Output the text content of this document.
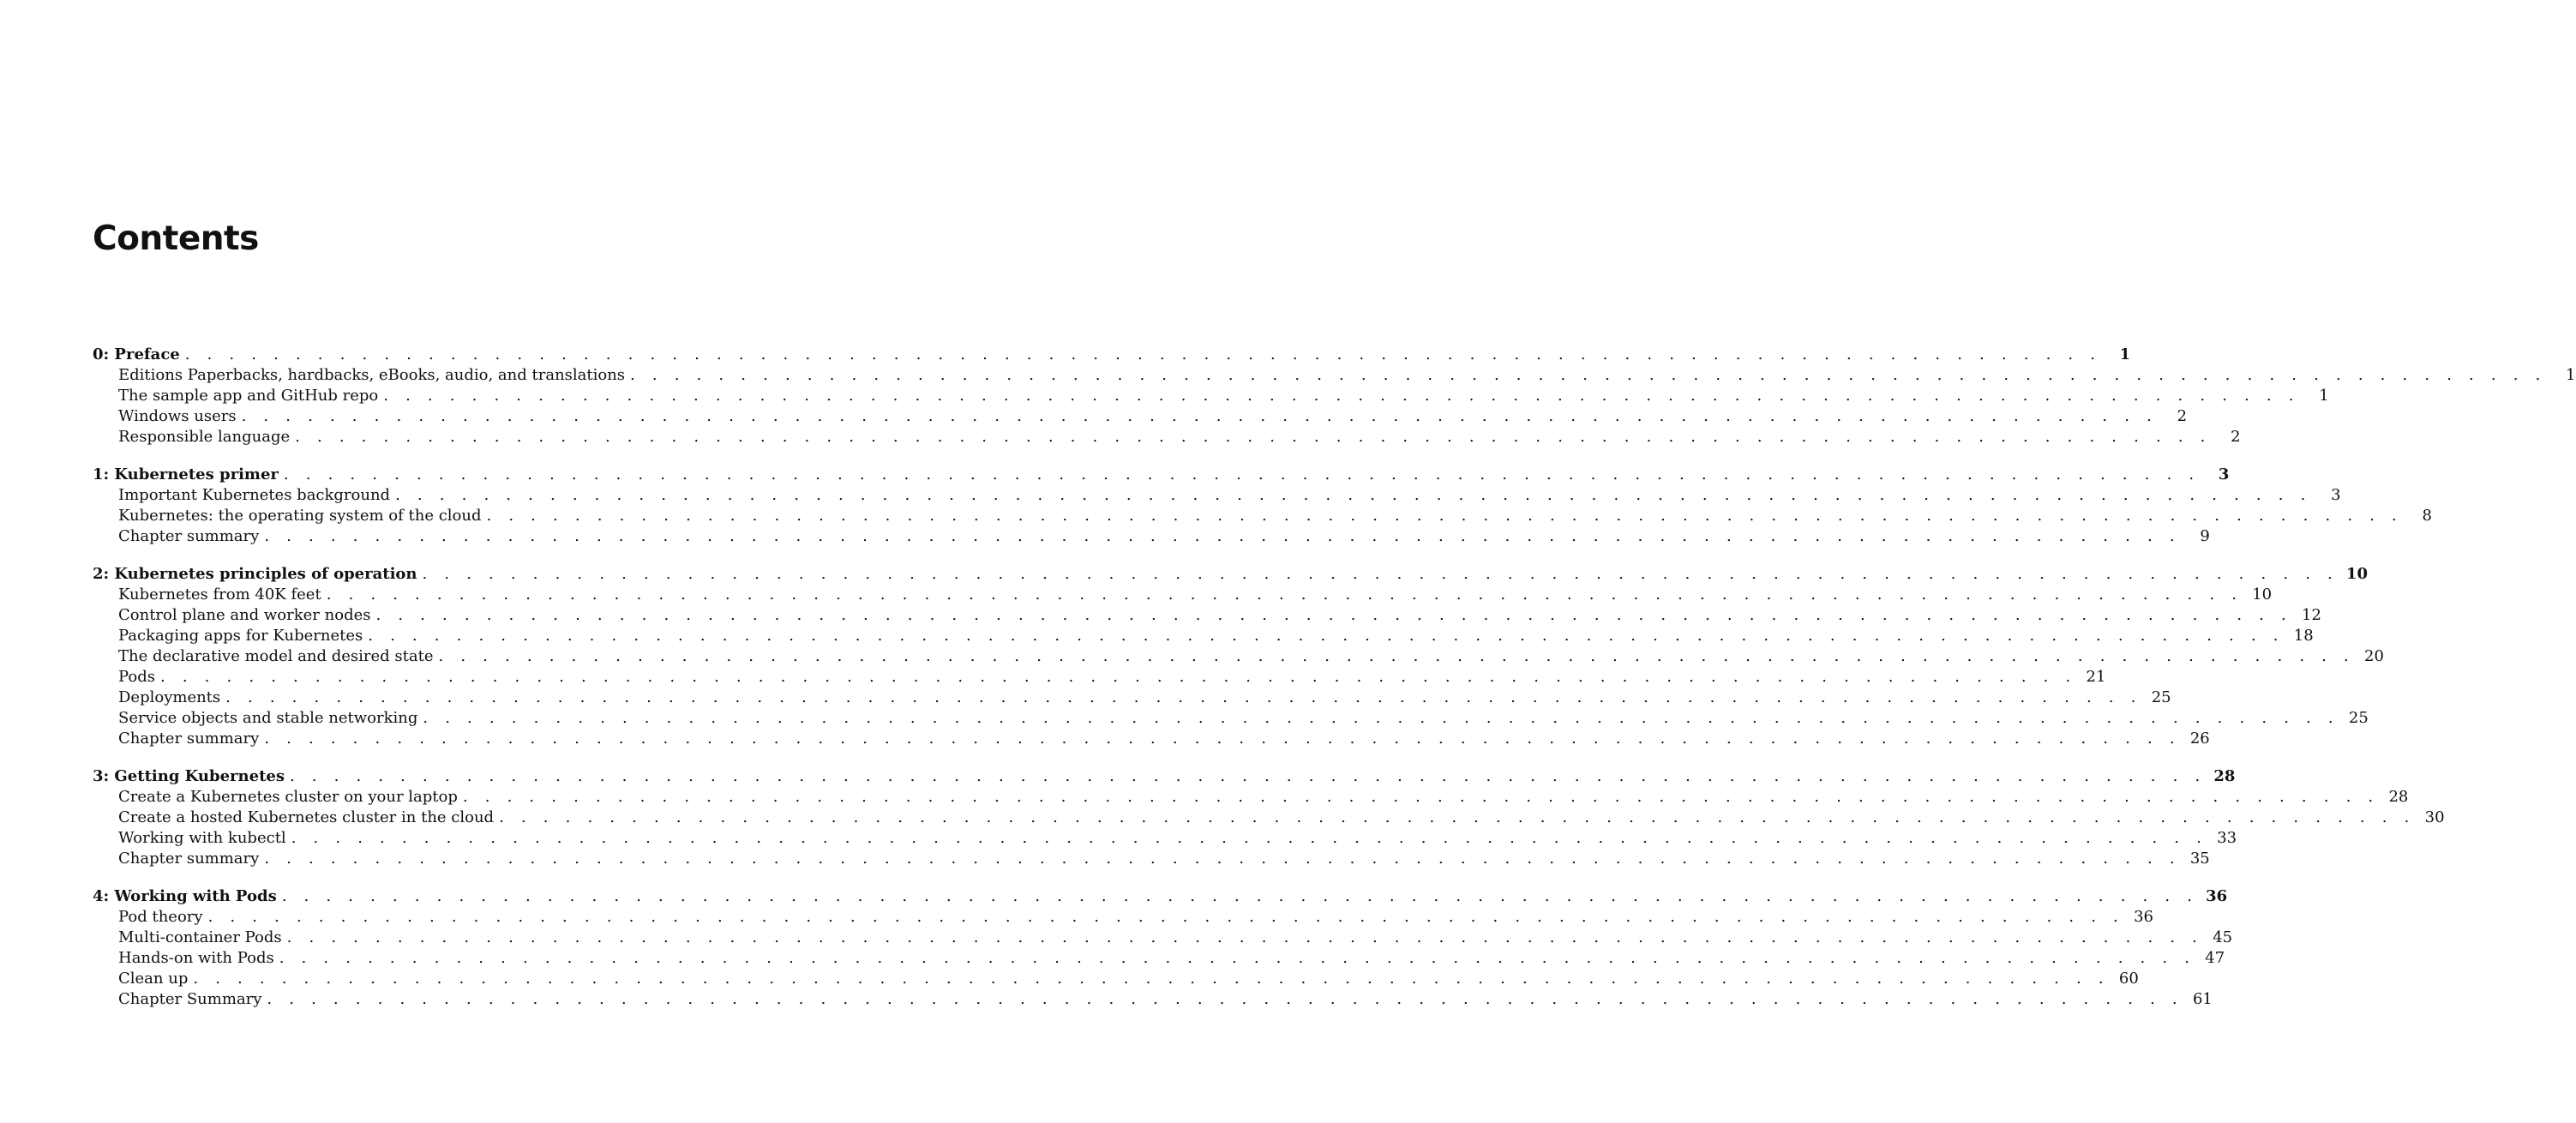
Contents
0: Preface . . . . . . . . . . . . . . . . . . . . . . . . . . . . . . . . . . . . . . . . . . . . . . . . . . . . . . . . . . . . . . . . . . . . . . . . . . . . . . . . . . . . . . .	1
Editions Paperbacks, hardbacks, eBooks, audio, and translations . . . . . . . . . . . . . . . . . . . . . . . . . . . . . . . . . . . . . . . . . . . . . . . . . . . . . . . . . . . . . . . . . . . . . . . . . . . . . . . . . . . . . . .	1
The sample app and GitHub repo . . . . . . . . . . . . . . . . . . . . . . . . . . . . . . . . . . . . . . . . . . . . . . . . . . . . . . . . . . . . . . . . . . . . . . . . . . . . . . . . . . . . . . .	1
Windows users . . . . . . . . . . . . . . . . . . . . . . . . . . . . . . . . . . . . . . . . . . . . . . . . . . . . . . . . . . . . . . . . . . . . . . . . . . . . . . . . . . . . . . .	2
Responsible language . . . . . . . . . . . . . . . . . . . . . . . . . . . . . . . . . . . . . . . . . . . . . . . . . . . . . . . . . . . . . . . . . . . . . . . . . . . . . . . . . . . . . . .	2
1: Kubernetes primer . . . . . . . . . . . . . . . . . . . . . . . . . . . . . . . . . . . . . . . . . . . . . . . . . . . . . . . . . . . . . . . . . . . . . . . . . . . . . . . . . . . . . . .	3
Important Kubernetes background . . . . . . . . . . . . . . . . . . . . . . . . . . . . . . . . . . . . . . . . . . . . . . . . . . . . . . . . . . . . . . . . . . . . . . . . . . . . . . . . . . . . . . .	3
Kubernetes: the operating system of the cloud . . . . . . . . . . . . . . . . . . . . . . . . . . . . . . . . . . . . . . . . . . . . . . . . . . . . . . . . . . . . . . . . . . . . . . . . . . . . . . . . . . . . . . .	8
Chapter summary . . . . . . . . . . . . . . . . . . . . . . . . . . . . . . . . . . . . . . . . . . . . . . . . . . . . . . . . . . . . . . . . . . . . . . . . . . . . . . . . . . . . . . .	9
2: Kubernetes principles of operation . . . . . . . . . . . . . . . . . . . . . . . . . . . . . . . . . . . . . . . . . . . . . . . . . . . . . . . . . . . . . . . . . . . . . . . . . . . . . . . . . . . . . . . 10
Kubernetes from 40K feet . . . . . . . . . . . . . . . . . . . . . . . . . . . . . . . . . . . . . . . . . . . . . . . . . . . . . . . . . . . . . . . . . . . . . . . . . . . . . . . . . . . . . . . 10
Control plane and worker nodes . . . . . . . . . . . . . . . . . . . . . . . . . . . . . . . . . . . . . . . . . . . . . . . . . . . . . . . . . . . . . . . . . . . . . . . . . . . . . . . . . . . . . . . 12
Packaging apps for Kubernetes . . . . . . . . . . . . . . . . . . . . . . . . . . . . . . . . . . . . . . . . . . . . . . . . . . . . . . . . . . . . . . . . . . . . . . . . . . . . . . . . . . . . . . . 18
The declarative model and desired state . . . . . . . . . . . . . . . . . . . . . . . . . . . . . . . . . . . . . . . . . . . . . . . . . . . . . . . . . . . . . . . . . . . . . . . . . . . . . . . . . . . . . . . 20
Pods . . . . . . . . . . . . . . . . . . . . . . . . . . . . . . . . . . . . . . . . . . . . . . . . . . . . . . . . . . . . . . . . . . . . . . . . . . . . . . . . . . . . . . . 21
Deployments . . . . . . . . . . . . . . . . . . . . . . . . . . . . . . . . . . . . . . . . . . . . . . . . . . . . . . . . . . . . . . . . . . . . . . . . . . . . . . . . . . . . . . . 25
Service objects and stable networking . . . . . . . . . . . . . . . . . . . . . . . . . . . . . . . . . . . . . . . . . . . . . . . . . . . . . . . . . . . . . . . . . . . . . . . . . . . . . . . . . . . . . . . 25
Chapter summary . . . . . . . . . . . . . . . . . . . . . . . . . . . . . . . . . . . . . . . . . . . . . . . . . . . . . . . . . . . . . . . . . . . . . . . . . . . . . . . . . . . . . . . 26
3: Getting Kubernetes . . . . . . . . . . . . . . . . . . . . . . . . . . . . . . . . . . . . . . . . . . . . . . . . . . . . . . . . . . . . . . . . . . . . . . . . . . . . . . . . . . . . . . . 28
Create a Kubernetes cluster on your laptop . . . . . . . . . . . . . . . . . . . . . . . . . . . . . . . . . . . . . . . . . . . . . . . . . . . . . . . . . . . . . . . . . . . . . . . . . . . . . . . . . . . . . . . 28
Create a hosted Kubernetes cluster in the cloud . . . . . . . . . . . . . . . . . . . . . . . . . . . . . . . . . . . . . . . . . . . . . . . . . . . . . . . . . . . . . . . . . . . . . . . . . . . . . . . . . . . . . . . 30
Working with kubectl . . . . . . . . . . . . . . . . . . . . . . . . . . . . . . . . . . . . . . . . . . . . . . . . . . . . . . . . . . . . . . . . . . . . . . . . . . . . . . . . . . . . . . . 33
Chapter summary . . . . . . . . . . . . . . . . . . . . . . . . . . . . . . . . . . . . . . . . . . . . . . . . . . . . . . . . . . . . . . . . . . . . . . . . . . . . . . . . . . . . . . . 35
4: Working with Pods . . . . . . . . . . . . . . . . . . . . . . . . . . . . . . . . . . . . . . . . . . . . . . . . . . . . . . . . . . . . . . . . . . . . . . . . . . . . . . . . . . . . . . . 36
Pod theory . . . . . . . . . . . . . . . . . . . . . . . . . . . . . . . . . . . . . . . . . . . . . . . . . . . . . . . . . . . . . . . . . . . . . . . . . . . . . . . . . . . . . . . 36
Multi-container Pods . . . . . . . . . . . . . . . . . . . . . . . . . . . . . . . . . . . . . . . . . . . . . . . . . . . . . . . . . . . . . . . . . . . . . . . . . . . . . . . . . . . . . . . 45
Hands-on with Pods . . . . . . . . . . . . . . . . . . . . . . . . . . . . . . . . . . . . . . . . . . . . . . . . . . . . . . . . . . . . . . . . . . . . . . . . . . . . . . . . . . . . . . . 47
Clean up . . . . . . . . . . . . . . . . . . . . . . . . . . . . . . . . . . . . . . . . . . . . . . . . . . . . . . . . . . . . . . . . . . . . . . . . . . . . . . . . . . . . . . . 60
Chapter Summary . . . . . . . . . . . . . . . . . . . . . . . . . . . . . . . . . . . . . . . . . . . . . . . . . . . . . . . . . . . . . . . . . . . . . . . . . . . . . . . . . . . . . . . 61
